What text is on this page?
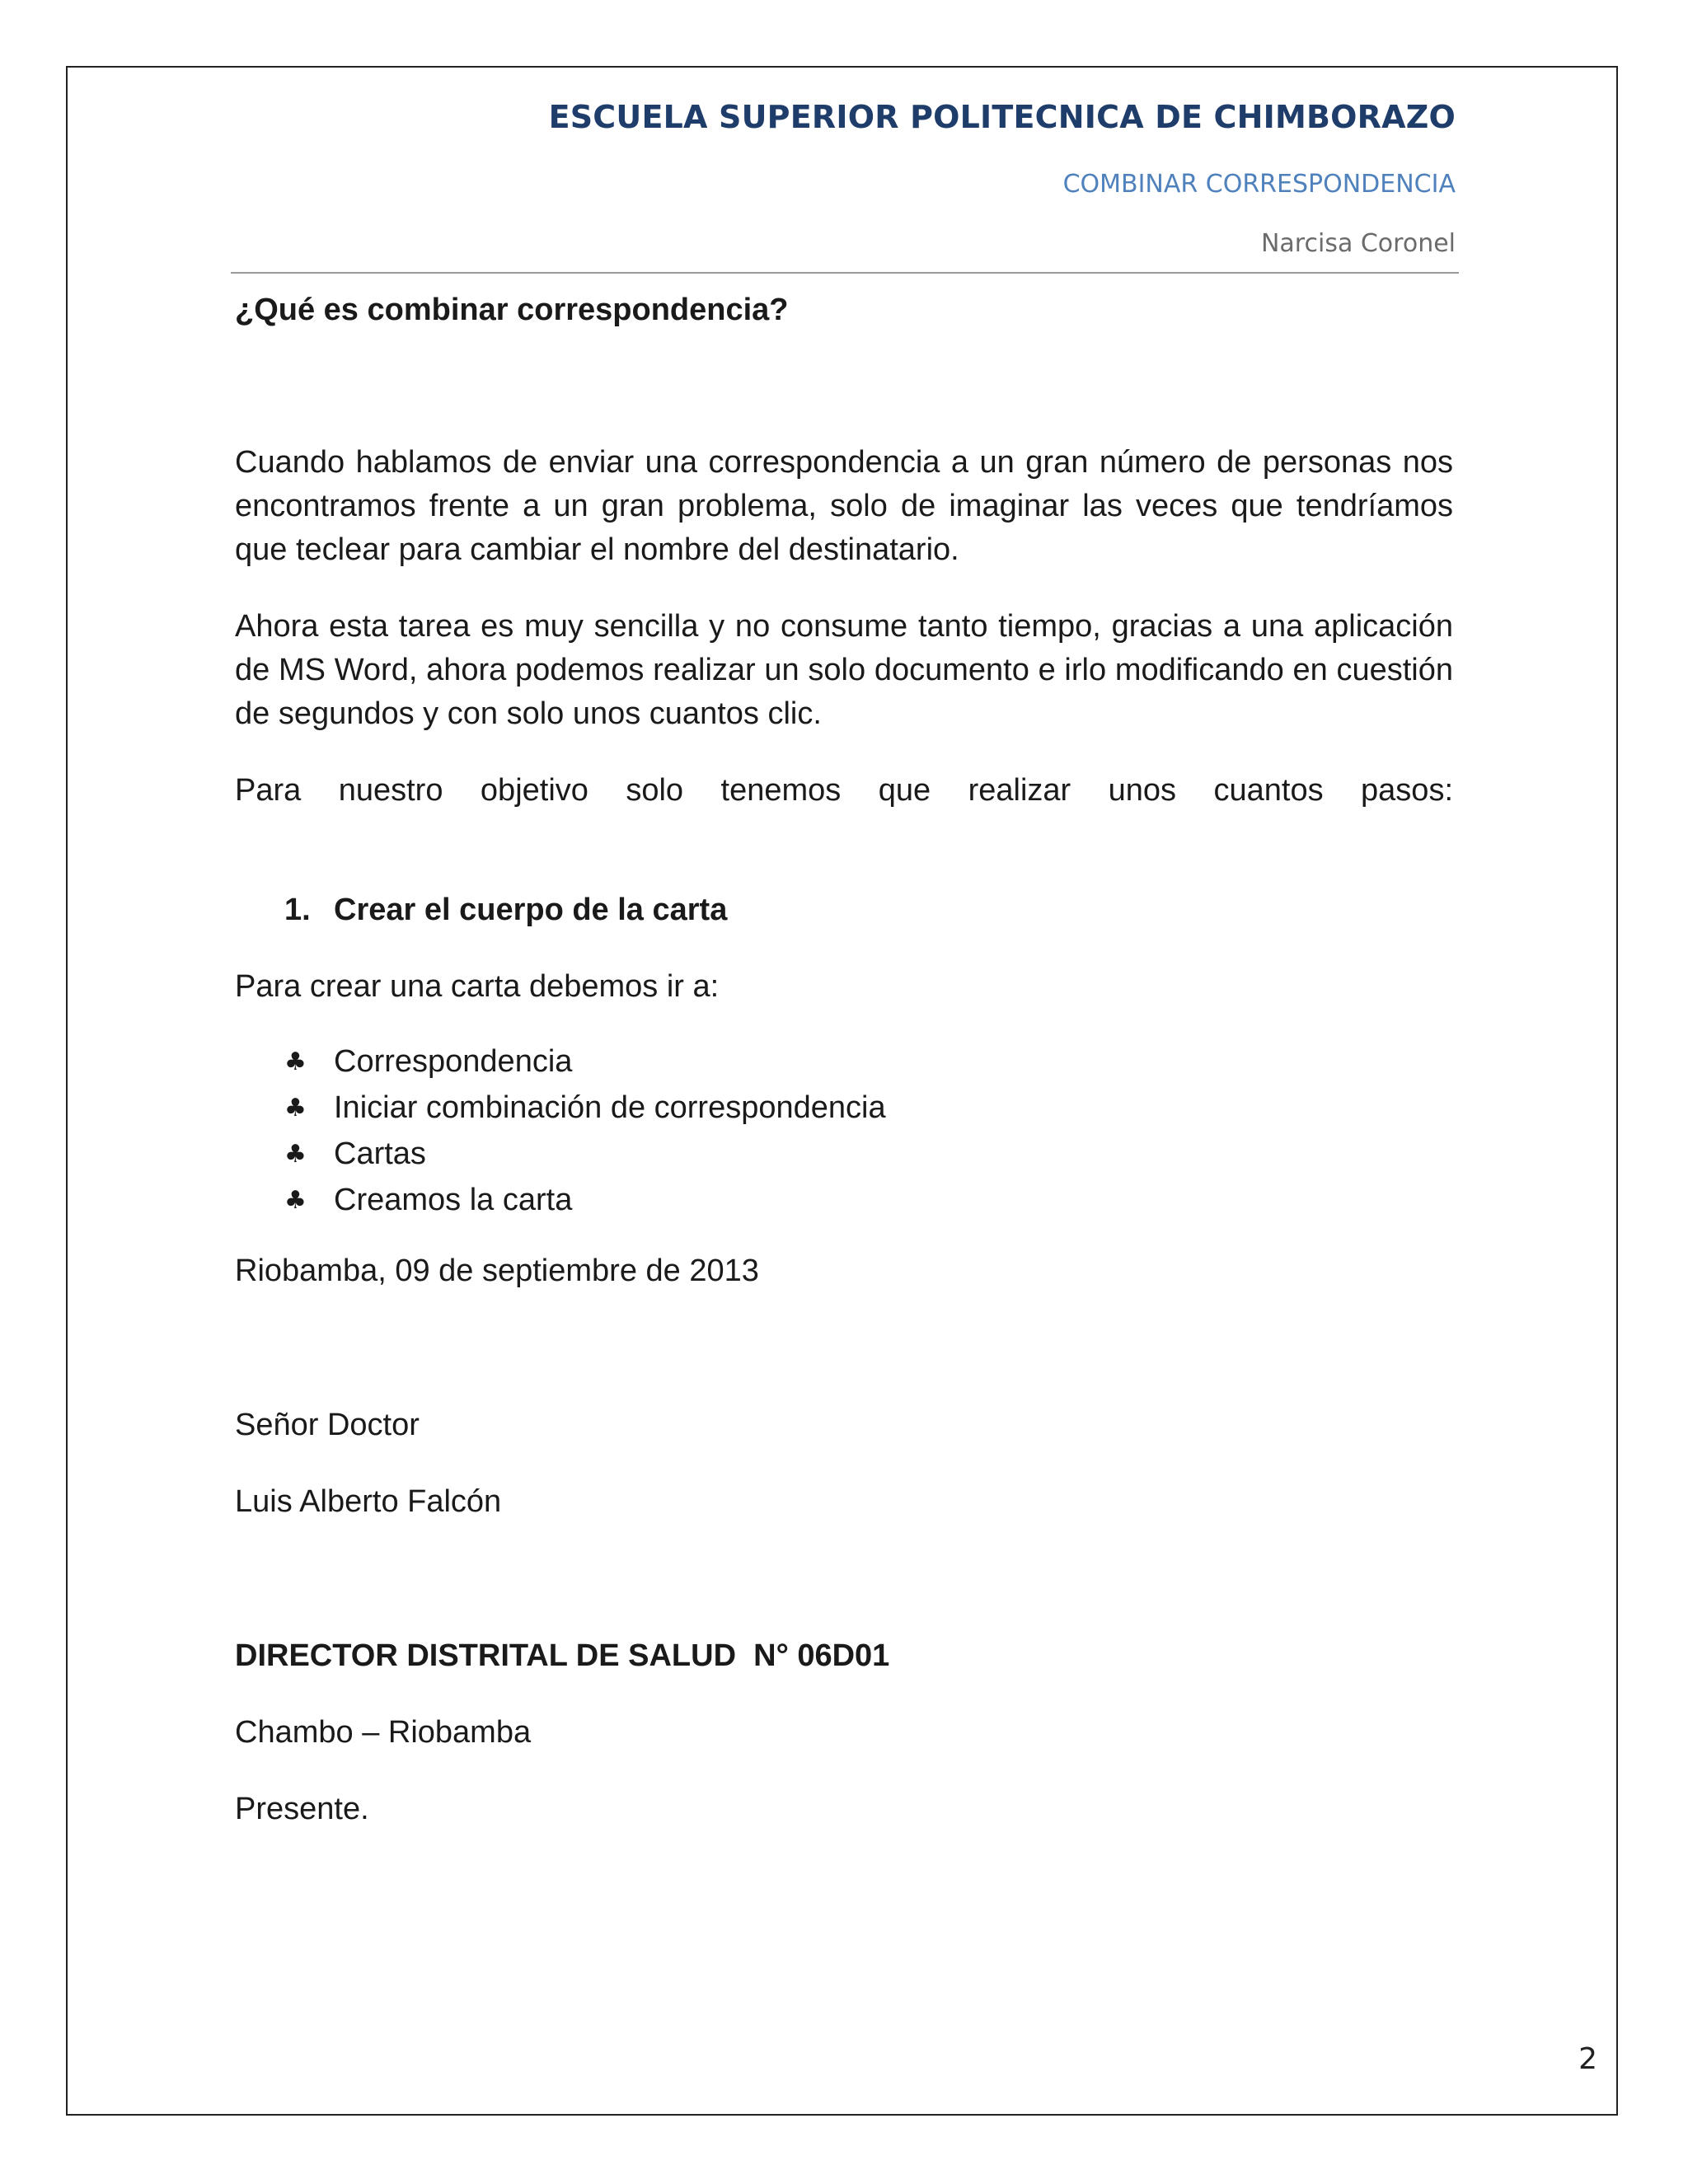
ESCUELA SUPERIOR POLITECNICA DE CHIMBORAZO
COMBINAR CORRESPONDENCIA
Narcisa Coronel

¿Qué es combinar correspondencia?

Cuando hablamos de enviar una correspondencia a un gran número de personas nos encontramos frente a un gran problema, solo de imaginar las veces que tendríamos que teclear para cambiar el nombre del destinatario.

Ahora esta tarea es muy sencilla y no consume tanto tiempo, gracias a una aplicación de MS Word, ahora podemos realizar un solo documento e irlo modificando en cuestión de segundos y con solo unos cuantos clic.

Para nuestro objetivo solo tenemos que realizar unos cuantos pasos:

1. Crear el cuerpo de la carta

Para crear una carta debemos ir a:

♣ Correspondencia
♣ Iniciar combinación de correspondencia
♣ Cartas
♣ Creamos la carta

Riobamba, 09 de septiembre de 2013

Señor Doctor

Luis Alberto Falcón

DIRECTOR DISTRITAL DE SALUD  N° 06D01

Chambo – Riobamba

Presente.

2
